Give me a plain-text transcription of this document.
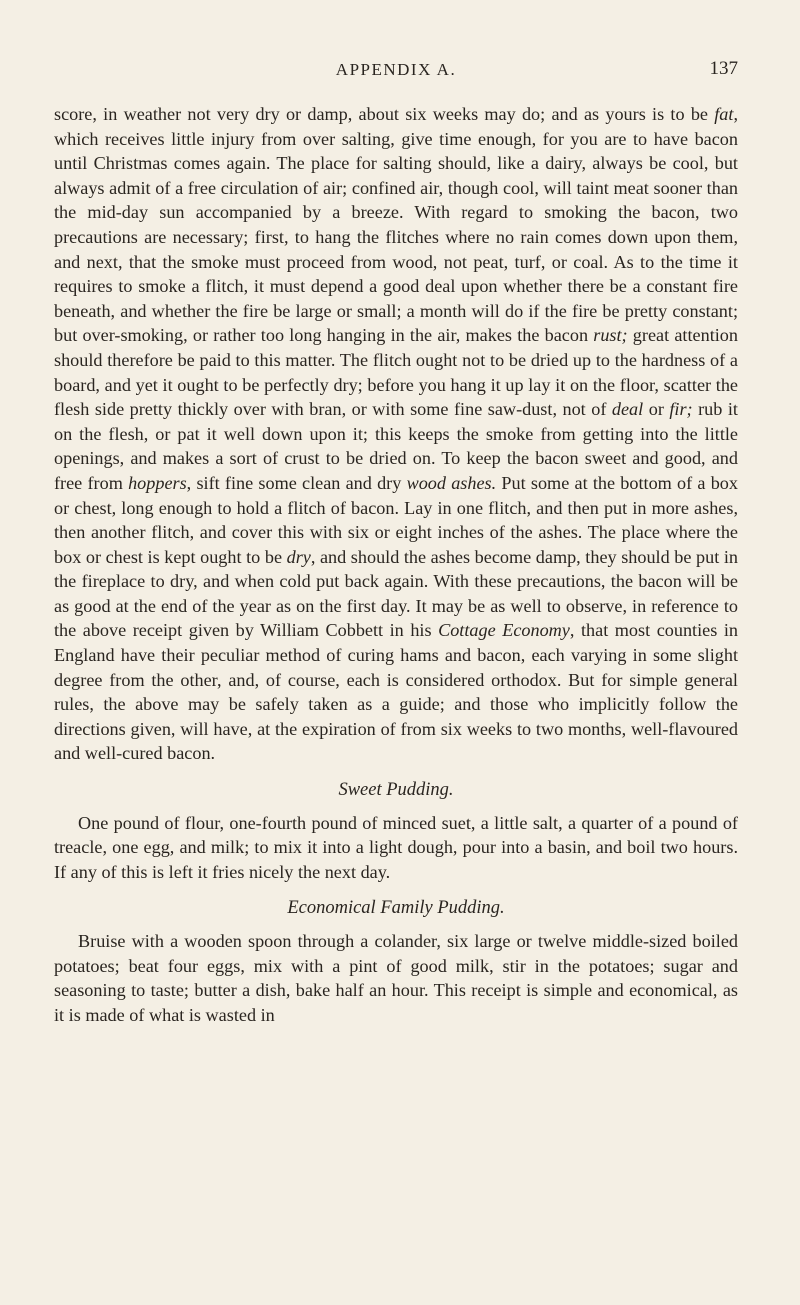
APPENDIX A.	137

score, in weather not very dry or damp, about six weeks may do; and as yours is to be fat, which receives little injury from over salting, give time enough, for you are to have bacon until Christmas comes again. The place for salting should, like a dairy, always be cool, but always admit of a free circulation of air; confined air, though cool, will taint meat sooner than the mid-day sun accompanied by a breeze. With regard to smoking the bacon, two precautions are necessary; first, to hang the flitches where no rain comes down upon them, and next, that the smoke must proceed from wood, not peat, turf, or coal. As to the time it requires to smoke a flitch, it must depend a good deal upon whether there be a constant fire beneath, and whether the fire be large or small; a month will do if the fire be pretty constant; but over-smoking, or rather too long hanging in the air, makes the bacon rust; great attention should therefore be paid to this matter. The flitch ought not to be dried up to the hardness of a board, and yet it ought to be perfectly dry; before you hang it up lay it on the floor, scatter the flesh side pretty thickly over with bran, or with some fine saw-dust, not of deal or fir; rub it on the flesh, or pat it well down upon it; this keeps the smoke from getting into the little openings, and makes a sort of crust to be dried on. To keep the bacon sweet and good, and free from hoppers, sift fine some clean and dry wood ashes. Put some at the bottom of a box or chest, long enough to hold a flitch of bacon. Lay in one flitch, and then put in more ashes, then another flitch, and cover this with six or eight inches of the ashes. The place where the box or chest is kept ought to be dry, and should the ashes become damp, they should be put in the fireplace to dry, and when cold put back again. With these precautions, the bacon will be as good at the end of the year as on the first day. It may be as well to observe, in reference to the above receipt given by William Cobbett in his Cottage Economy, that most counties in England have their peculiar method of curing hams and bacon, each varying in some slight degree from the other, and, of course, each is considered orthodox. But for simple general rules, the above may be safely taken as a guide; and those who implicitly follow the directions given, will have, at the expiration of from six weeks to two months, well-flavoured and well-cured bacon.

Sweet Pudding.

One pound of flour, one-fourth pound of minced suet, a little salt, a quarter of a pound of treacle, one egg, and milk; to mix it into a light dough, pour into a basin, and boil two hours. If any of this is left it fries nicely the next day.

Economical Family Pudding.

Bruise with a wooden spoon through a colander, six large or twelve middle-sized boiled potatoes; beat four eggs, mix with a pint of good milk, stir in the potatoes; sugar and seasoning to taste; butter a dish, bake half an hour. This receipt is simple and economical, as it is made of what is wasted in
